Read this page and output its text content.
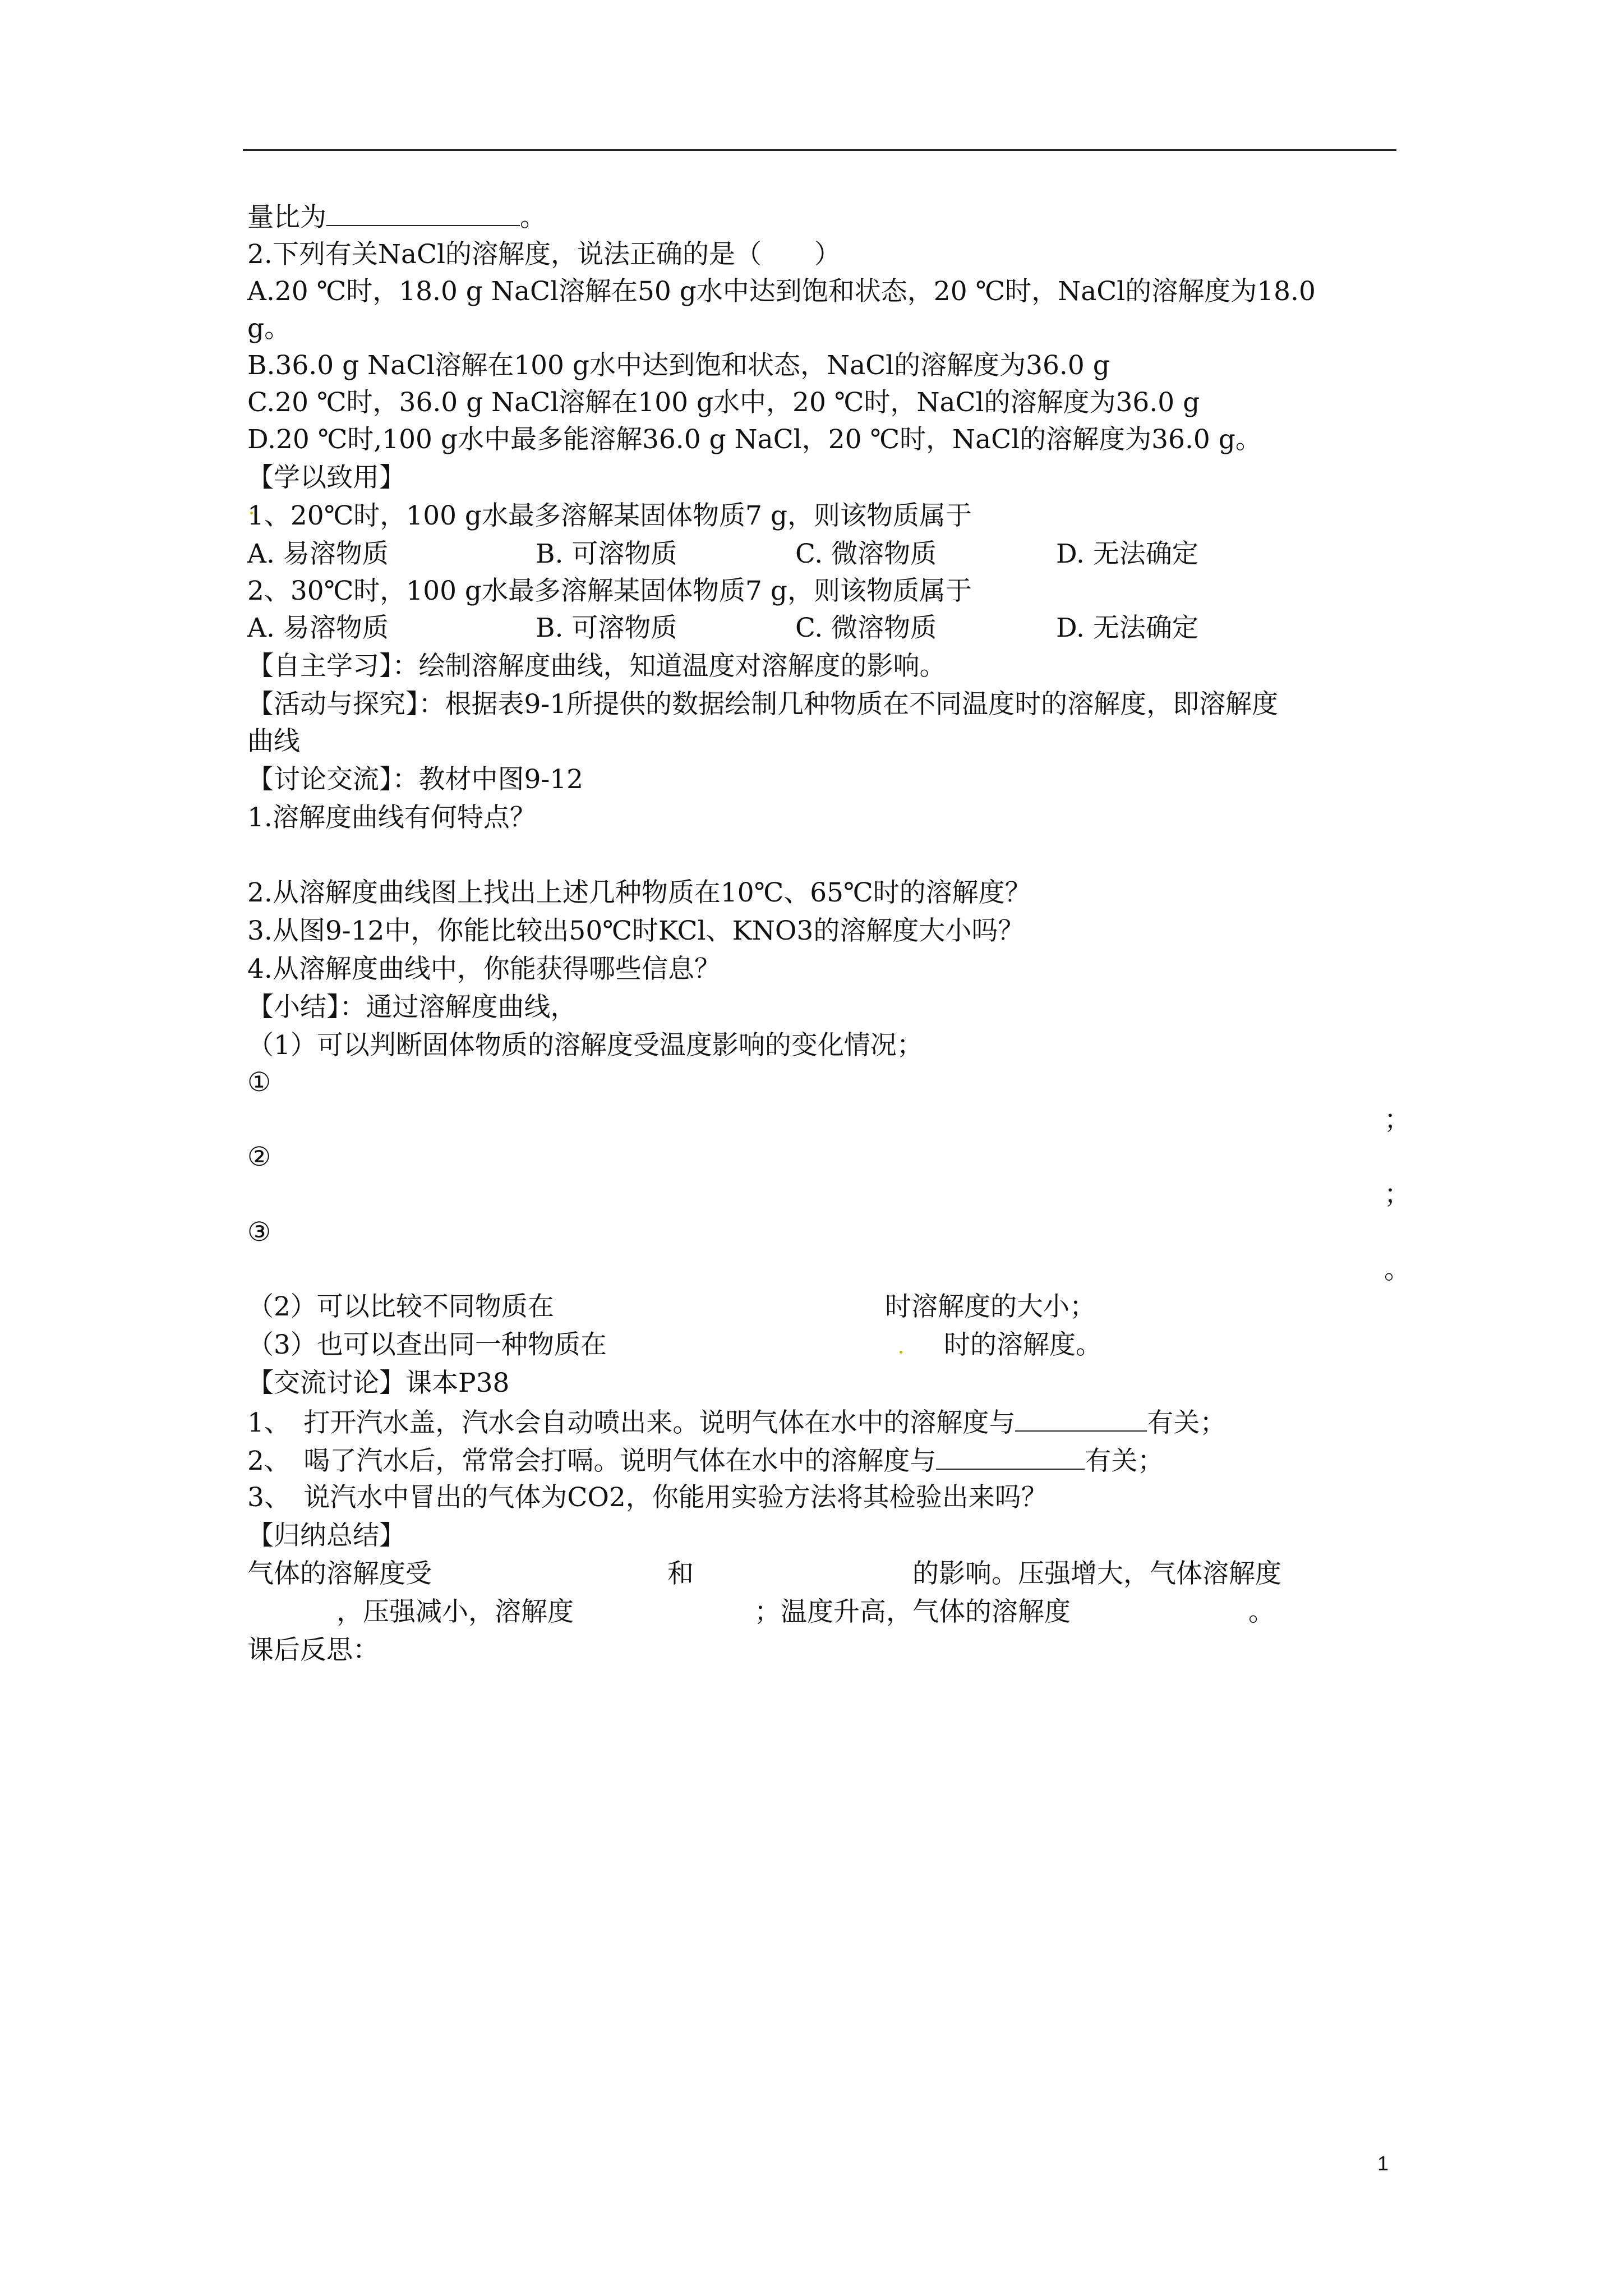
量比为	。
2.下列有关NaCl的溶解度，说法正确的是（　　）
A.20 ℃时，18.0 g NaCl溶解在50 g水中达到饱和状态，20 ℃时，NaCl的溶解度为18.0
g。
B.36.0 g NaCl溶解在100 g水中达到饱和状态，NaCl的溶解度为36.0 g
C.20 ℃时，36.0 g NaCl溶解在100 g水中，20 ℃时，NaCl的溶解度为36.0 g
D.20 ℃时,100 g水中最多能溶解36.0 g NaCl，20 ℃时，NaCl的溶解度为36.0 g。
【学以致用】
1、20℃时，100 g水最多溶解某固体物质7 g，则该物质属于
A. 易溶物质	B. 可溶物质	C. 微溶物质	D. 无法确定
2、30℃时，100 g水最多溶解某固体物质7 g，则该物质属于
A. 易溶物质	B. 可溶物质	C. 微溶物质	D. 无法确定
【自主学习】：绘制溶解度曲线，知道温度对溶解度的影响。
【活动与探究】：根据表9-1所提供的数据绘制几种物质在不同温度时的溶解度，即溶解度
曲线
【讨论交流】：教材中图9-12
1.溶解度曲线有何特点？
2.从溶解度曲线图上找出上述几种物质在10℃、65℃时的溶解度？
3.从图9-12中，你能比较出50℃时KCl、KNO3的溶解度大小吗？
4.从溶解度曲线中，你能获得哪些信息？
【小结】：通过溶解度曲线，
（1）可以判断固体物质的溶解度受温度影响的变化情况；
①
；
②
；
③
。
（2）可以比较不同物质在	时溶解度的大小；
（3）也可以查出同一种物质在	时的溶解度。
【交流讨论】课本P38
1、　打开汽水盖，汽水会自动喷出来。说明气体在水中的溶解度与	有关；
2、　喝了汽水后，常常会打嗝。说明气体在水中的溶解度与	有关；
3、　说汽水中冒出的气体为CO2，你能用实验方法将其检验出来吗？
【归纳总结】
气体的溶解度受	和	的影响。压强增大，气体溶解度
，压强减小，溶解度	；温度升高，气体的溶解度	。
课后反思：
1
